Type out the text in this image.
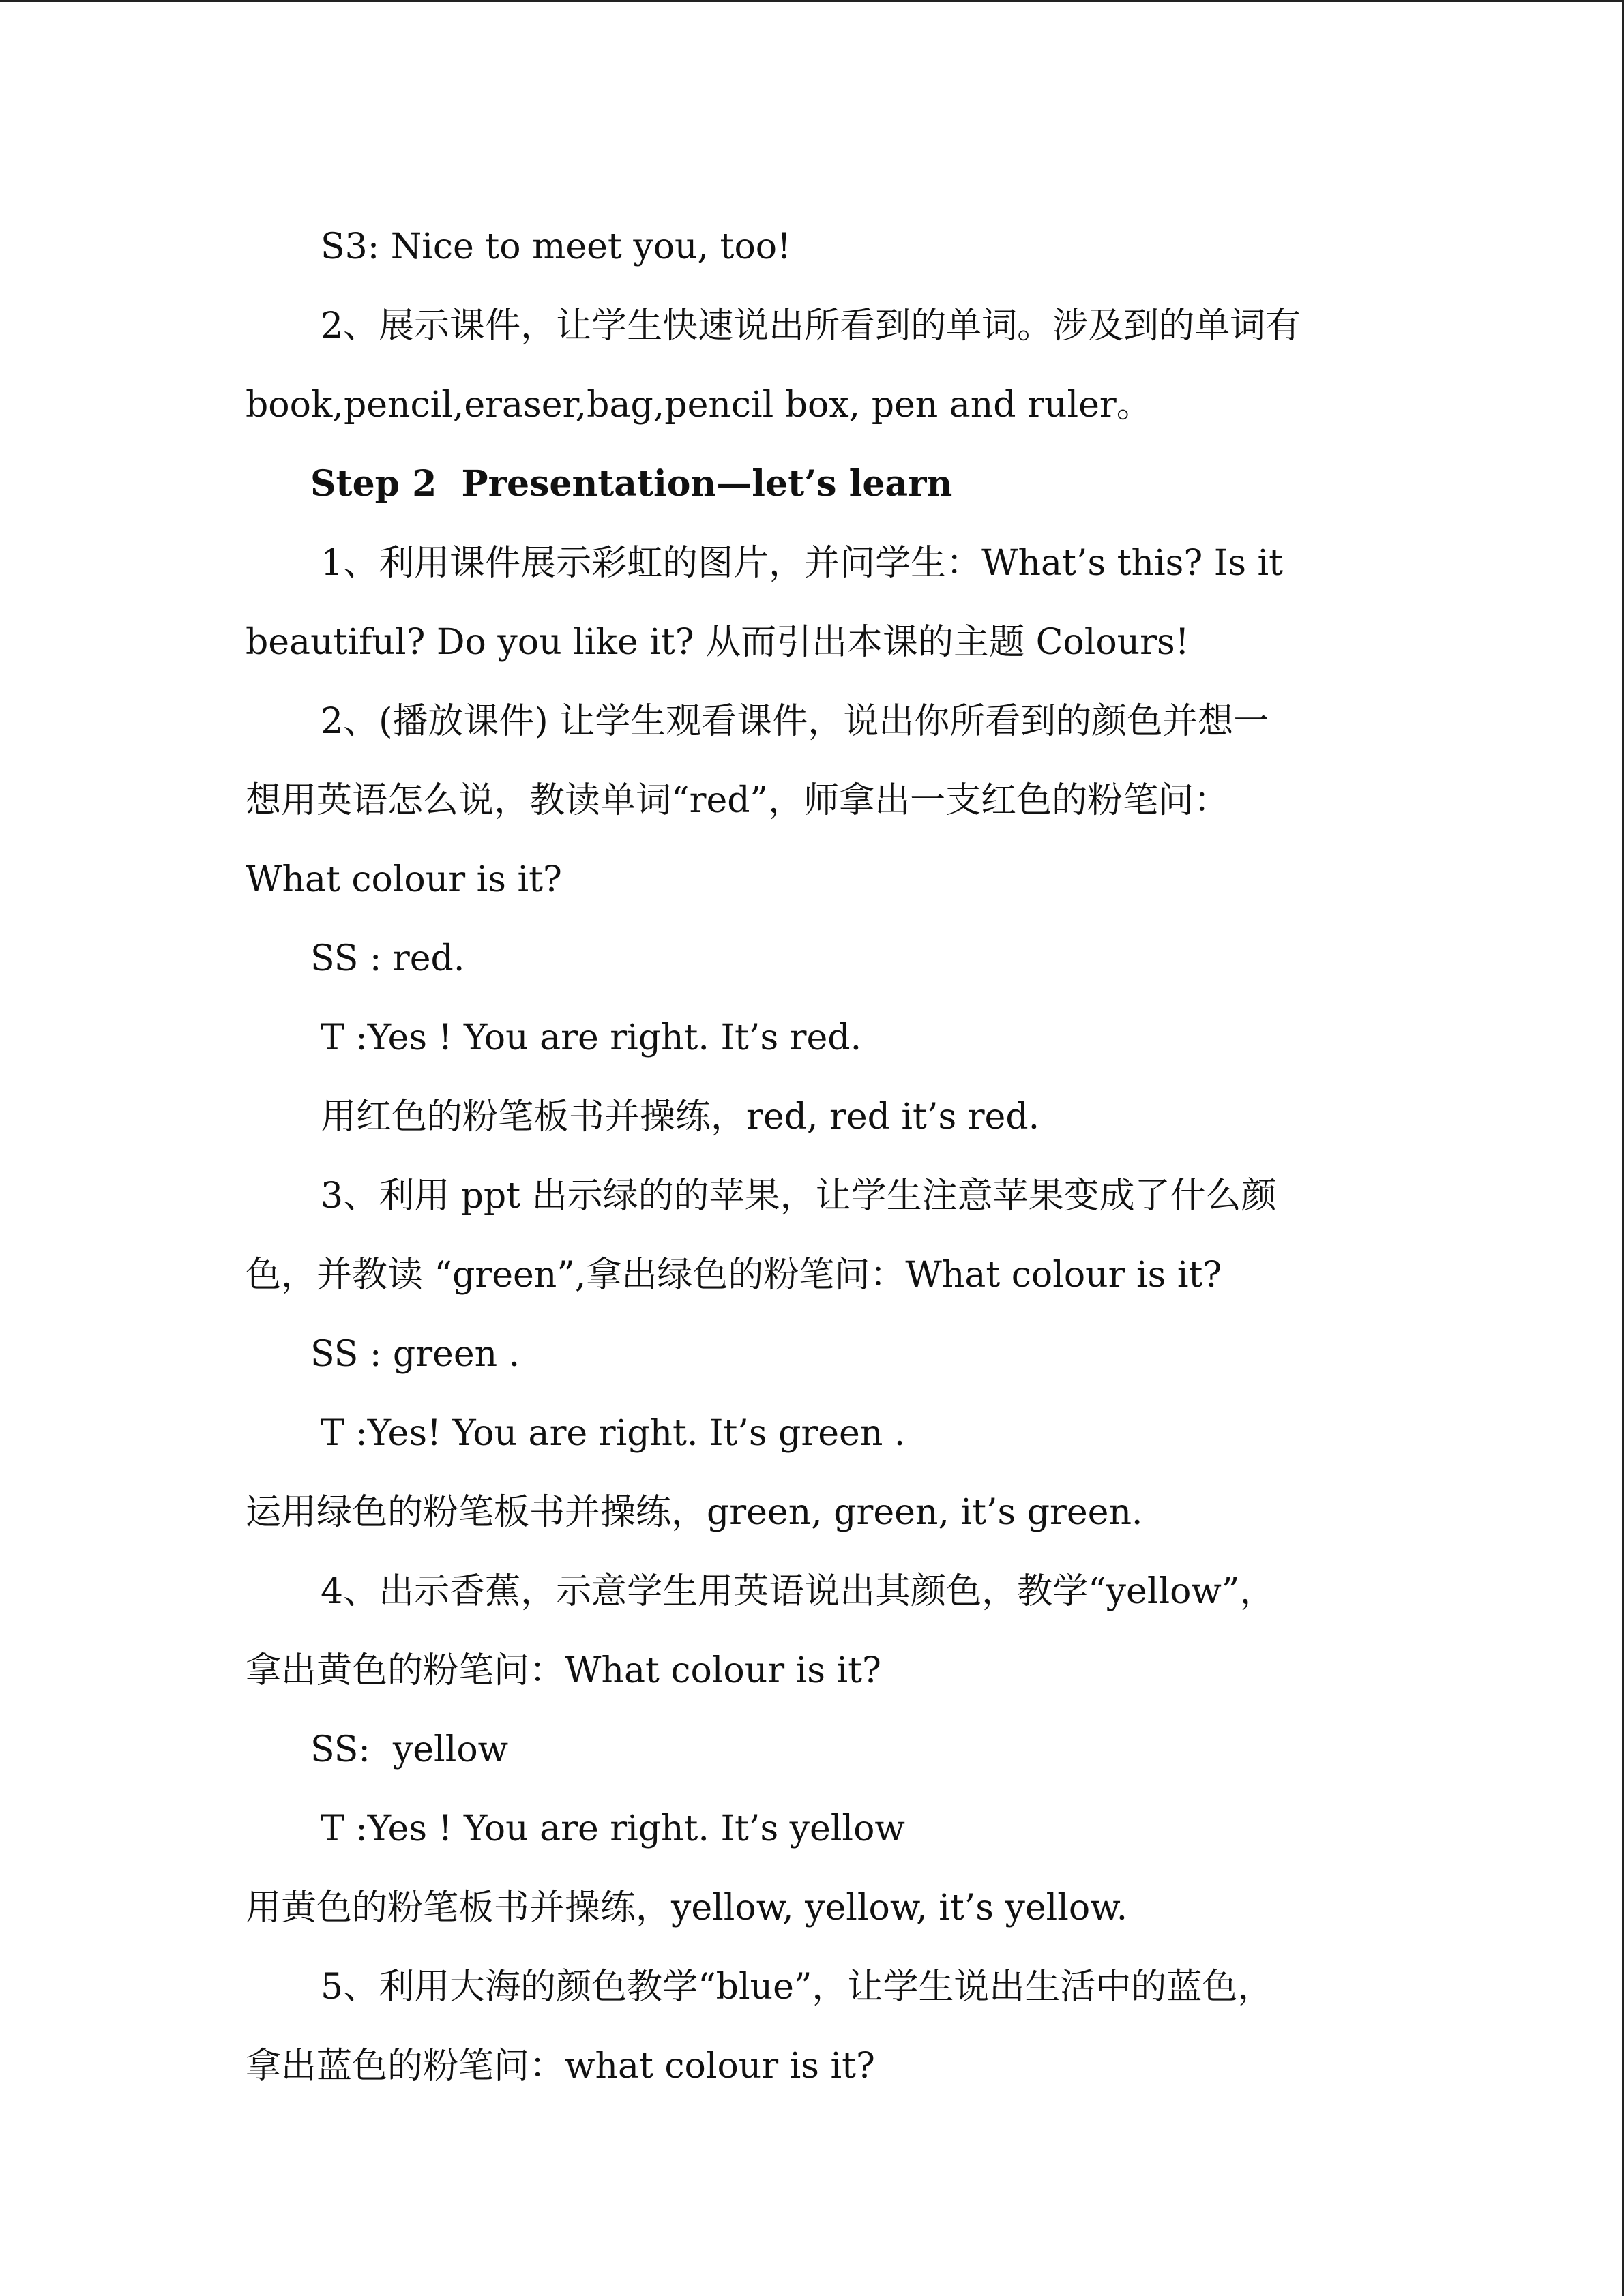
S3: Nice to meet you, too!
2、展示课件，让学生快速说出所看到的单词。涉及到的单词有
book,pencil,eraser,bag,pencil box, pen and ruler。
Step 2  Presentation—let’s learn
1、利用课件展示彩虹的图片，并问学生：What’s this? Is it
beautiful? Do you like it? 从而引出本课的主题 Colours!
2、(播放课件) 让学生观看课件，说出你所看到的颜色并想一
想用英语怎么说，教读单词“red”，师拿出一支红色的粉笔问：
What colour is it?
SS : red.
T :Yes ! You are right. It’s red.
用红色的粉笔板书并操练，red, red it’s red.
3、利用 ppt 出示绿的的苹果，让学生注意苹果变成了什么颜
色，并教读 “green”,拿出绿色的粉笔问：What colour is it?
SS : green .
T :Yes! You are right. It’s green .
运用绿色的粉笔板书并操练，green, green, it’s green.
4、出示香蕉，示意学生用英语说出其颜色，教学“yellow”，
拿出黄色的粉笔问：What colour is it?
SS:  yellow
T :Yes ! You are right. It’s yellow
用黄色的粉笔板书并操练，yellow, yellow, it’s yellow.
5、利用大海的颜色教学“blue”，让学生说出生活中的蓝色，
拿出蓝色的粉笔问：what colour is it?
